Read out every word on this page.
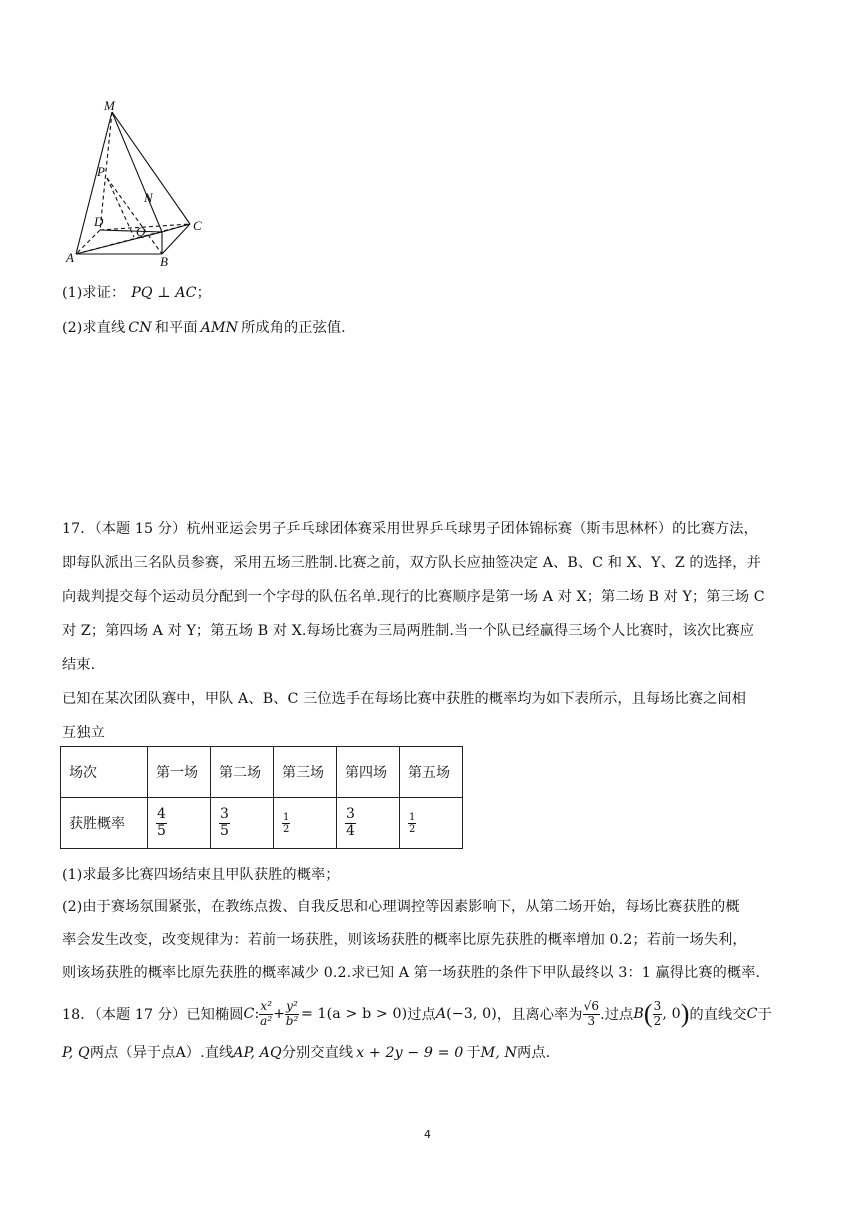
M
P
N
D
Q	C
A	B
(1)求证： PQ ⊥ AC；
(2)求直线 CN 和平面 AMN 所成角的正弦值.
17．（本题 15 分）杭州亚运会男子乒乓球团体赛采用世界乒乓球男子团体锦标赛（斯韦思林杯）的比赛方法，
即每队派出三名队员参赛，采用五场三胜制.比赛之前，双方队长应抽签决定 A、B、C 和 X、Y、Z 的选择，并
向裁判提交每个运动员分配到一个字母的队伍名单.现行的比赛顺序是第一场 A 对 X；第二场 B 对 Y；第三场 C
对 Z；第四场 A 对 Y；第五场 B 对 X.每场比赛为三局两胜制.当一个队已经赢得三场个人比赛时，该次比赛应
结束.
已知在某次团队赛中，甲队 A、B、C 三位选手在每场比赛中获胜的概率均为如下表所示，且每场比赛之间相
互独立
场次	第一场	第二场	第三场	第四场	第五场
获胜概率	$\frac{4}{5}$	$\frac{3}{5}$	$\frac{1}{2}$	$\frac{3}{4}$	$\frac{1}{2}$
(1)求最多比赛四场结束且甲队获胜的概率；
(2)由于赛场氛围紧张，在教练点拨、自我反思和心理调控等因素影响下，从第二场开始，每场比赛获胜的概
率会发生改变，改变规律为：若前一场获胜，则该场获胜的概率比原先获胜的概率增加 0.2；若前一场失利，
则该场获胜的概率比原先获胜的概率减少 0.2.求已知 A 第一场获胜的条件下甲队最终以 3：1 赢得比赛的概率.
18．（本题 17 分）已知椭圆 C : $\frac{\text{x²}}{\text{a²}} + \frac{\text{y²}}{\text{b²}} = 1(a > b > 0)$ 过点 A (−3, 0) ，且离心率为 $\frac{√6}{3}$ .过点 B ( $\frac{3}{2}$ , 0 ) 的直线交 C 于
P, Q两点（异于点A）.直线AP, AQ分别交直线 x + 2y − 9 = 0 于M, N两点.
4
